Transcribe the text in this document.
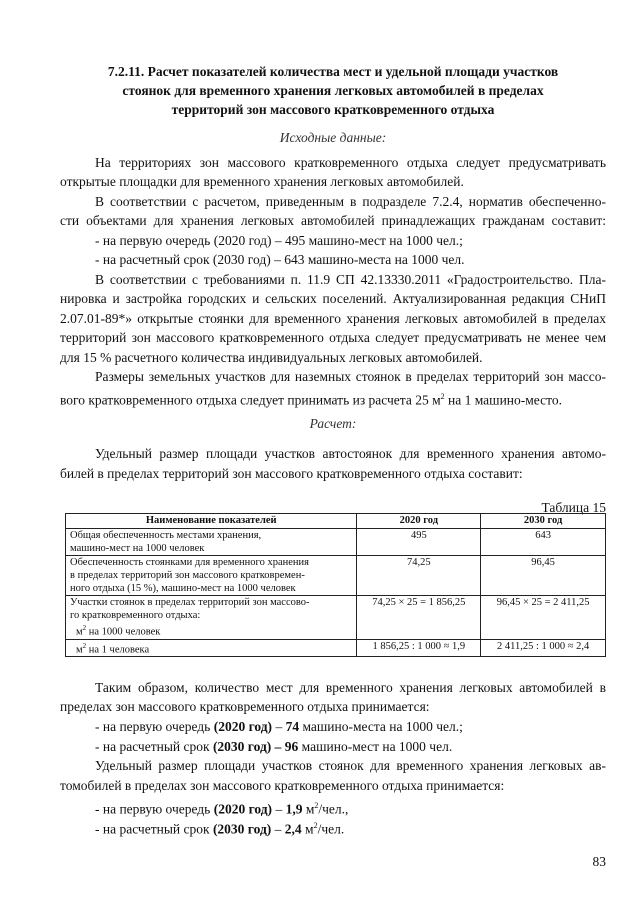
7.2.11. Расчет показателей количества мест и удельной площади участков
стоянок для временного хранения легковых автомобилей в пределах
территорий зон массового кратковременного отдыха
Исходные данные:
На территориях зон массового кратковременного отдыха следует предусматривать
открытые площадки для временного хранения легковых автомобилей.
В соответствии с расчетом, приведенным в подразделе 7.2.4, норматив обеспеченно-
сти объектами для хранения легковых автомобилей принадлежащих гражданам составит:
- на первую очередь (2020 год) – 495 машино-мест на 1000 чел.;
- на расчетный срок (2030 год) – 643 машино-места на 1000 чел.
В соответствии с требованиями п. 11.9 СП 42.13330.2011 «Градостроительство. Пла-
нировка и застройка городских и сельских поселений. Актуализированная редакция СНиП
2.07.01-89*» открытые стоянки для временного хранения легковых автомобилей в пределах
территорий зон массового кратковременного отдыха следует предусматривать не менее чем
для 15 % расчетного количества индивидуальных легковых автомобилей.
Размеры земельных участков для наземных стоянок в пределах территорий зон массо-
вого кратковременного отдыха следует принимать из расчета 25 $м^2$ на 1 машино-место.
Расчет:
Удельный размер площади участков автостоянок для временного хранения автомо-
билей в пределах территорий зон массового кратковременного отдыха составит:
Таблица 15
Наименование показателей	2020 год	2030 год

Общая обеспеченность местами хранения,
машино-мест на 1000 человек	495	643

Обеспеченность стоянками для временного хранения
в пределах территорий зон массового кратковремен-
ного отдыха (15 %), машино-мест на 1000 человек	74,25	96,45

Участки стоянок в пределах территорий зон массово-
го кратковременного отдыха:
$м^2$ на 1000 человек	74,25 × 25 = 1 856,25	96,45 × 25 = 2 411,25

$м^2$ на 1 человека	1 856,25 : 1 000 ≈ 1,9	2 411,25 : 1 000 ≈ 2,4
Таким образом, количество мест для временного хранения легковых автомобилей в
пределах зон массового кратковременного отдыха принимается:
- на первую очередь (2020 год) – 74 машино-места на 1000 чел.;
- на расчетный срок (2030 год) – 96 машино-мест на 1000 чел.
Удельный размер площади участков стоянок для временного хранения легковых ав-
томобилей в пределах зон массового кратковременного отдыха принимается:
- на первую очередь (2020 год) – 1,9 $м^2$/чел.,
- на расчетный срок (2030 год) – 2,4 $м^2$/чел.
83
